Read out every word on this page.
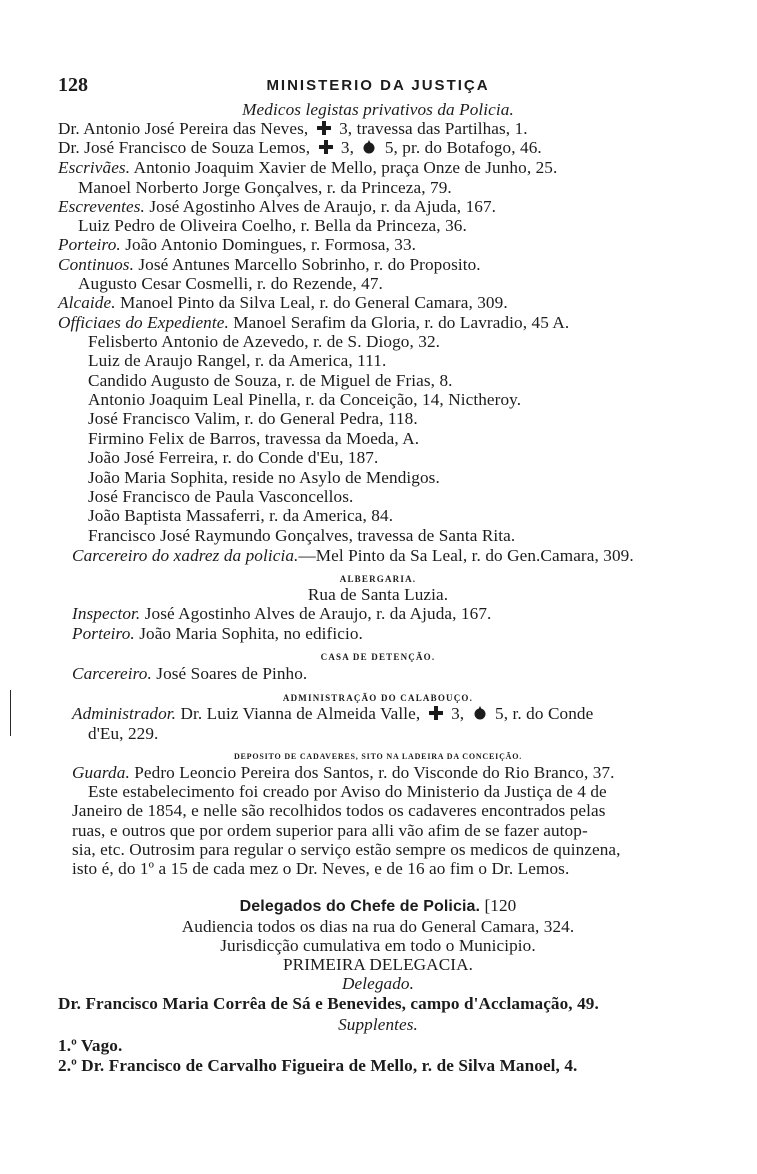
128	MINISTERIO DA JUSTIÇA
Medicos legistas privativos da Policia.
Dr. Antonio José Pereira das Neves, 3, travessa das Partilhas, 1.
Dr. José Francisco de Souza Lemos, 3, 5, pr. do Botafogo, 46.
Escrivães. Antonio Joaquim Xavier de Mello, praça Onze de Junho, 25.
Manoel Norberto Jorge Gonçalves, r. da Princeza, 79.
Escreventes. José Agostinho Alves de Araujo, r. da Ajuda, 167.
Luiz Pedro de Oliveira Coelho, r. Bella da Princeza, 36.
Porteiro. João Antonio Domingues, r. Formosa, 33.
Continuos. José Antunes Marcello Sobrinho, r. do Proposito.
Augusto Cesar Cosmelli, r. do Rezende, 47.
Alcaide. Manoel Pinto da Silva Leal, r. do General Camara, 309.
Officiaes do Expediente. Manoel Serafim da Gloria, r. do Lavradio, 45 A.
Felisberto Antonio de Azevedo, r. de S. Diogo, 32.
Luiz de Araujo Rangel, r. da America, 111.
Candido Augusto de Souza, r. de Miguel de Frias, 8.
Antonio Joaquim Leal Pinella, r. da Conceição, 14, Nictheroy.
José Francisco Valim, r. do General Pedra, 118.
Firmino Felix de Barros, travessa da Moeda, A.
João José Ferreira, r. do Conde d'Eu, 187.
João Maria Sophita, reside no Asylo de Mendigos.
José Francisco de Paula Vasconcellos.
João Baptista Massaferri, r. da America, 84.
Francisco José Raymundo Gonçalves, travessa de Santa Rita.
Carcereiro do xadrez da policia.—Mel Pinto da Sa Leal, r. do Gen.Camara, 309.
ALBERGARIA.
Rua de Santa Luzia.
Inspector. José Agostinho Alves de Araujo, r. da Ajuda, 167.
Porteiro. João Maria Sophita, no edificio.
CASA DE DETENÇÃO.
Carcereiro. José Soares de Pinho.
ADMINISTRAÇÃO DO CALABOUÇO.
Administrador. Dr. Luiz Vianna de Almeida Valle, 3, 5, r. do Conde
d'Eu, 229.
DEPOSITO DE CADAVERES, SITO NA LADEIRA DA CONCEIÇÃO.
Guarda. Pedro Leoncio Pereira dos Santos, r. do Visconde do Rio Branco, 37.
Este estabelecimento foi creado por Aviso do Ministerio da Justiça de 4 de
Janeiro de 1854, e nelle são recolhidos todos os cadaveres encontrados pelas
ruas, e outros que por ordem superior para alli vão afim de se fazer autop-
sia, etc. Outrosim para regular o serviço estão sempre os medicos de quinzena,
isto é, do 1º a 15 de cada mez o Dr. Neves, e de 16 ao fim o Dr. Lemos.
Delegados do Chefe de Policia. [120
Audiencia todos os dias na rua do General Camara, 324.
Jurisdicção cumulativa em todo o Municipio.
PRIMEIRA DELEGACIA.
Delegado.
Dr. Francisco Maria Corrêa de Sá e Benevides, campo d'Acclamação, 49.
Supplentes.
1.º Vago.
2.º Dr. Francisco de Carvalho Figueira de Mello, r. de Silva Manoel, 4.
